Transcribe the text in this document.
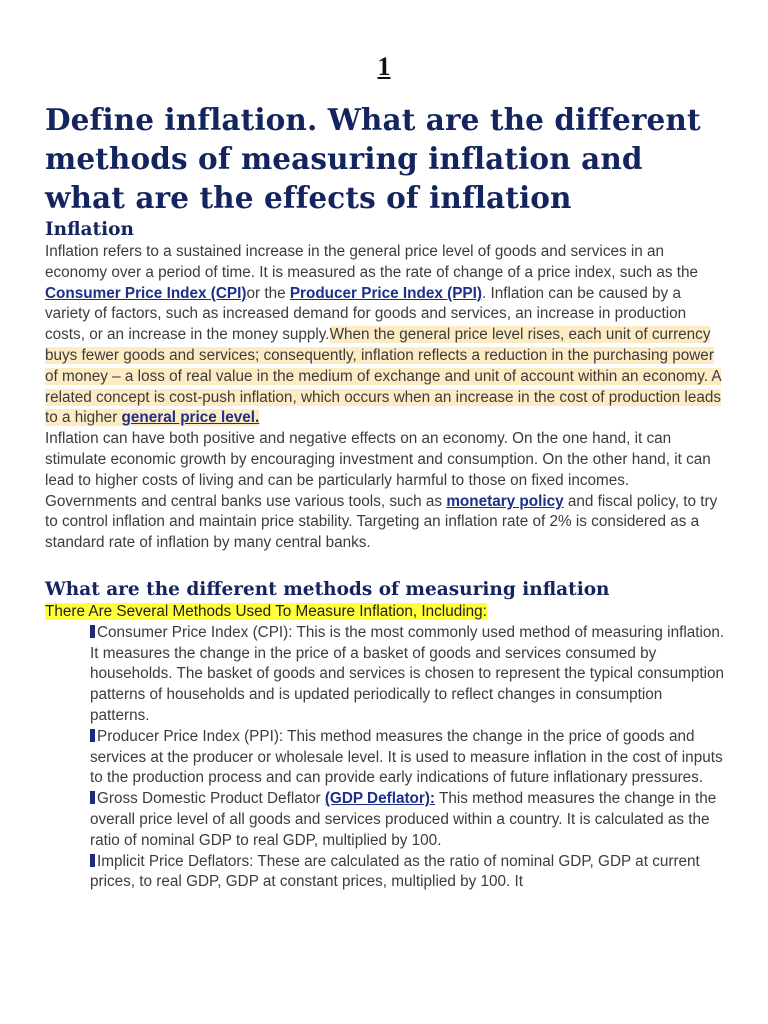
1
Define inflation. What are the different methods of measuring inflation and what are the effects of inflation
Inflation

Inflation refers to a sustained increase in the general price level of goods and services in an economy over a period of time. It is measured as the rate of change of a price index, such as the Consumer Price Index (CPI)or the Producer Price Index (PPI). Inflation can be caused by a variety of factors, such as increased demand for goods and services, an increase in production costs, or an increase in the money supply.When the general price level rises, each unit of currency buys fewer goods and services; consequently, inflation reflects a reduction in the purchasing power of money – a loss of real value in the medium of exchange and unit of account within an economy. A related concept is cost-push inflation, which occurs when an increase in the cost of production leads to a higher general price level.

Inflation can have both positive and negative effects on an economy. On the one hand, it can stimulate economic growth by encouraging investment and consumption. On the other hand, it can lead to higher costs of living and can be particularly harmful to those on fixed incomes.

Governments and central banks use various tools, such as monetary policy and fiscal policy, to try to control inflation and maintain price stability. Targeting an inflation rate of 2% is considered as a standard rate of inflation by many central banks.

What are the different methods of measuring inflation

There Are Several Methods Used To Measure Inflation, Including:

Consumer Price Index (CPI): This is the most commonly used method of measuring inflation. It measures the change in the price of a basket of goods and services consumed by households. The basket of goods and services is chosen to represent the typical consumption patterns of households and is updated periodically to reflect changes in consumption patterns.
Producer Price Index (PPI): This method measures the change in the price of goods and services at the producer or wholesale level. It is used to measure inflation in the cost of inputs to the production process and can provide early indications of future inflationary pressures.
Gross Domestic Product Deflator (GDP Deflator): This method measures the change in the overall price level of all goods and services produced within a country. It is calculated as the ratio of nominal GDP to real GDP, multiplied by 100.
Implicit Price Deflators: These are calculated as the ratio of nominal GDP, GDP at current prices, to real GDP, GDP at constant prices, multiplied by 100. It
